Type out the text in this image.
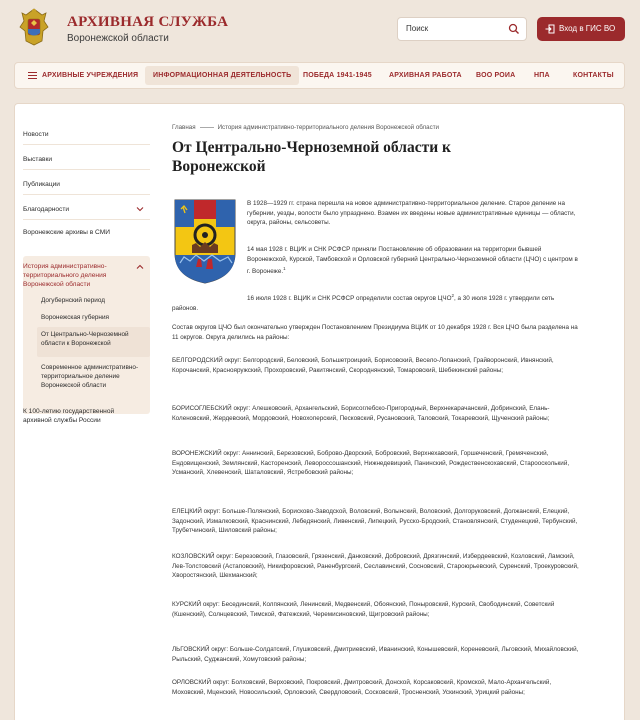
АРХИВНАЯ СЛУЖБА
Воронежской области
Поиск	Вход в ГИС ВО
АРХИВНЫЕ УЧРЕЖДЕНИЯ	ИНФОРМАЦИОННАЯ ДЕЯТЕЛЬНОСТЬ	ПОБЕДА 1941-1945 АРХИВНАЯ РАБОТА ВОО РОИА	НПА	КОНТАКТЫ
Новости
Выставки
Публикации
Благодарности
Воронежские архивы в СМИ
История административно-территориального деления Воронежской области
Догубернский период
Воронежская губерния
От Центрально-Черноземной области к Воронежской
Современное административно-территориальное деление Воронежской области
К 100-летию государственной архивной службы России
Главная	История административно-территориального деления Воронежской области
От Центрально-Черноземной области к Воронежской
В 1928—1929 гг. страна перешла на новое административно-территориальное деление. Старое деление на губернии, уезды, волости было упразднено. Взамен их введены новые административные единицы — области, округа, районы, сельсоветы.
14 мая 1928 г. ВЦИК и СНК РСФСР приняли Постановление об образовании на территории бывшей Воронежской, Курской, Тамбовской и Орловской губерний Центрально-Черноземной области (ЦЧО) с центром в г. Воронеже.$^1$
16 июля 1928 г. ВЦИК и СНК РСФСР определили состав округов ЦЧО$^2$, а 30 июля 1928 г. утвердили сеть районов.
Состав округов ЦЧО был окончательно утвержден Постановлением Президиума ВЦИК от 10 декабря 1928 г. Вся ЦЧО была разделена на 11 округов. Округа делились на районы:
БЕЛГОРОДСКИЙ округ: Белгородский, Беловский, Большетроицкий, Борисовский, Весело-Лопанский, Грайворонский, Ивнянский, Корочанский, Краснояружский, Прохоровский, Ракитянский, Скороднянский, Томаровский, Шебекинский районы;
БОРИСОГЛЕБСКИЙ округ: Алешковский, Архангельский, Борисоглебско-Пригородный, Верхнекарачанский, Добринский, Елань-Коленовский, Жердевский, Мордовский, Новохоперский, Песковский, Русановский, Таловский, Токаревский, Щученский районы;
ВОРОНЕЖСКИЙ округ: Аннинский, Березовский, Боброво-Дворский, Бобровский, Верхнехавский, Горшеченский, Гремяченский, Ендовищенский, Землянский, Касторенский, Левороссошанский, Нижнедевицкий, Панинский, Рождественскохавский, Староосколький, Усманский, Хлевенский, Шаталовский, Ястребовский районы;
ЕЛЕЦКИЙ округ: Больше-Полянский, Борисково-Заводской, Воловский, Волынский, Воловский, Долгоруковский, Должанский, Елецкий, Задонский, Измалковский, Краснинский, Лебедянский, Ливенский, Липецкий, Русско-Бродский, Становлянский, Студенецкий, Тербунский, Трубетчинский, Шиловский районы;
КОЗЛОВСКИЙ округ: Березовский, Глазовский, Грязенский, Данковский, Добровский, Дрязгинский, Избердеевский, Козловский, Ламский, Лев-Толстовский (Астаповский), Никифоровский, Раненбургский, Сеславинский, Сосновский, Староюрьевский, Суренский, Троекуровский, Хворостянский, Шехманский;
КУРСКИЙ округ: Бесединский, Колпянский, Ленинский, Медвенский, Обоянский, Поныровский, Курский, Свободинский, Советский (Кшенский), Солнцевский, Тимской, Фатежский, Черемисиновский, Щигровский районы;
ЛЬГОВСКИЙ округ: Больше-Солдатский, Глушковский, Дмитриевский, Иванинский, Конышевский, Кореневский, Льговский, Михайловский, Рыльский, Суджанский, Хомутовский районы;
ОРЛОВСКИЙ округ: Болховский, Верховский, Покровский, Дмитровский, Донской, Корсаковский, Кромской, Мало-Архангельский, Моховский, Мценский, Новосильский, Орловский, Свердловский, Сосковский, Тросненский, Ускинский, Урицкий районы;
